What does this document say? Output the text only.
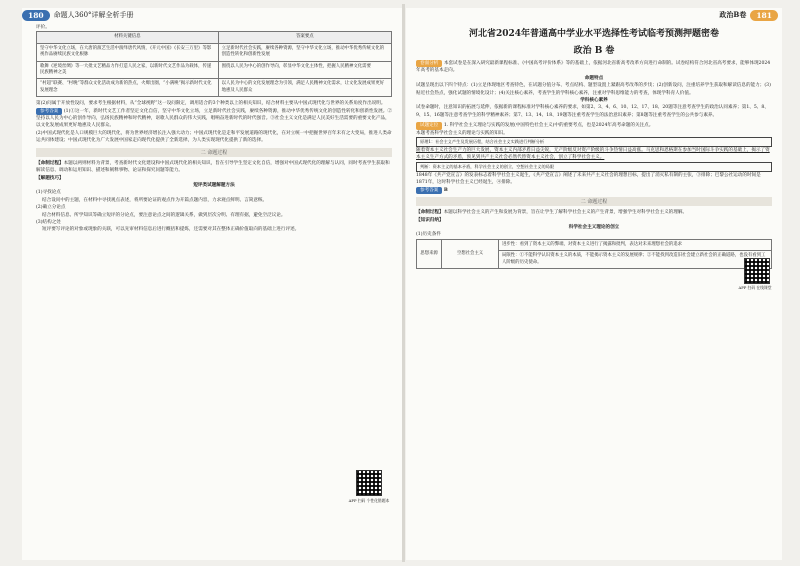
180	命题人360°详解全析手册

评价。

材料关键信息	答案要点
坚守中华文化立场，在大唐的演艺生活中演绎唐代风情，《开元中国》《长安三万里》等影视作品赓续民族文化根脉	立足新时代社会实践，赓续各种资源，坚守中华文化立场，推动中华优秀传统文化的创造性转化和创新性发展
歌舞《逆境丝绸》等一大批文艺精品力作打造人民之家，以新时代文艺作品为载体，传递民族精神之美	围绕以人民为中心的创作导向，彰显中华文化主体性，把握人民精神文化需要
“村超”联赛、“村晚”等群众文化活动成为新的热点，火爆出圈，“小满唤”揭示新时代文化发展理念	以人民为中心的文化发展理念为引领，满足人民精神文化需求，让文化发展成果更好地惠及人民群众

第(2)问属于开放性设问，要求考生根据材料，从“全球视野”这一设问限定，调用适合的3个种类以上的相关知识，结合材料主要从中国式现代化与世界的关系角度作出说明。

参考答案 (1)①这一年，新时代文艺工作者坚定文化自信，坚守中华文化立场，立足新时代社会实践，赓续各种资源，推动中华优秀传统文化的创造性转化和创新性发展。②坚持以人民为中心的创作导向，弘扬民族精神和时代精神，讴歌人民群众的伟大实践，唱响奋进新时代的时代强音。③社会主义文化是满足人民美好生活需要的重要文化产品，以文化发展成果更好地惠及人民群众。

(2)中国式现代化是人口规模巨大的现代化，将为世界经济增长注入强大动力；中国式现代化是走和平发展道路的现代化，在对立统一中把握世界百年未有之大变局，推进人类命运共同体建设；中国式现代化为广大发展中国家走向现代化提供了全新选择，为人类实现现代化提供了新的选择。

二 命题过程

【命制过程】本题以两则材料为背景，考查新时代文化建设和中国式现代化的相关知识，旨在引导学生坚定文化自信，增强对中国式现代化的理解与认同，同时考查学生获取和解读信息、调动和运用知识、描述和阐释事物、论证和探究问题等能力。

【解题技巧】

短评类试题解题方法

(1)寻找论点

结合设问中的主题，在材料中寻找观点表述，将所要论证的观点作为开篇点题内容，力求观点鲜明、言简意赅。

(2)确立分论点

结合材料信息、所学知识等确立短评的分论点，要注意论点之间的逻辑关系，做到层次分明、有理有据，避免空泛议论。

(3)结构之处

短评要写评论的对象或现象的关联，可以先审材料信息后进行概括和提炼，还需要对其在整体正确价值取向的基础上进行评述。

APP 扫码 个性化错题本
政治B卷	181
河北省2024年普通高中学业水平选择性考试临考预测押题密卷
政治 B 卷

卷面分析 本套试卷是在深入研究最新课程标准、《中国高考评价体系》等的基础上，依据河北省新高考改革方向进行命制的。试卷结构符合河北省高考要求，能够体现2024年高考的基本走向。

命题特点

试题呈现出以下四个特点：(1)立足体现地区考查特色，在试题分值分布、考点结构、题型设置上紧跟高考改革的步伐；(2)创新设问，注重培养学生获取和解读信息的能力；(3)贴近社会热点，强化试题的情境化设计；(4)关注核心素养，考查学生的学科核心素养，注重对学科思维能力的考查，体现学科育人价值。

学科核心素养

试卷命题时，注意知识的拓展与延伸，依据新的课程标准对学科核心素养的要求，如第2、3、4、6、10、12、17、18、20题等注意考查学生的政治认同素养；第1、5、8、9、15、16题等注意考查学生的科学精神素养；第7、13、14、18、19题等注重考查学生的法治意识素养；第8题等注重考查学生的公共参与素养。

试题定位 1. 科学社会主义理论与实践的发展(中国特色社会主义)中的重要考点，也是2024年高考命题的关注点。

本题考查科学社会主义的理论与实践的知识。

原理1：社会主义产生及发展历程，结合社会主义实践进行判断分析

随着资本主义社会生产力的巨大发展，资本主义内部矛盾日益尖锐，无产阶级反对资产阶级的斗争热情日益高涨。马克思和恩格斯在参加当时国际斗争实践的基础上，揭示了资本主义生产方式的矛盾，预见到共产主义社会必然代替资本主义社会，创立了科学社会主义。

判断：资本主义的基本矛盾，科学社会主义的创立，空想社会主义的局限

1848年《共产党宣言》的发表标志着科学社会主义诞生，《共产党宣言》阐述了未来共产主义社会的理想目标，提出了消灭私有制的主张，③排除；巴黎公社运动的时间是1871年，这时科学社会主义已经诞生，④排除。

参考答案 B

二 命题过程

【命制过程】本题以科学社会主义的产生和发展为背景，旨在让学生了解科学社会主义的产生背景，增强学生对科学社会主义的理解。

【知识归纳】

科学社会主义理论的创立

(1)历史条件

思想来源	空想社会主义	进步性：看到了资本主义的弊端，对资本主义进行了揭露和批判，表达对未来理想社会的追求
局限性：①不能科学认识资本主义的本质，不能揭示资本主义的发展规律；②不能找到改造旧社会建立新社会的正确道路，也没有看到工人阶级的历史使命。
APP 扫码 在线课堂
